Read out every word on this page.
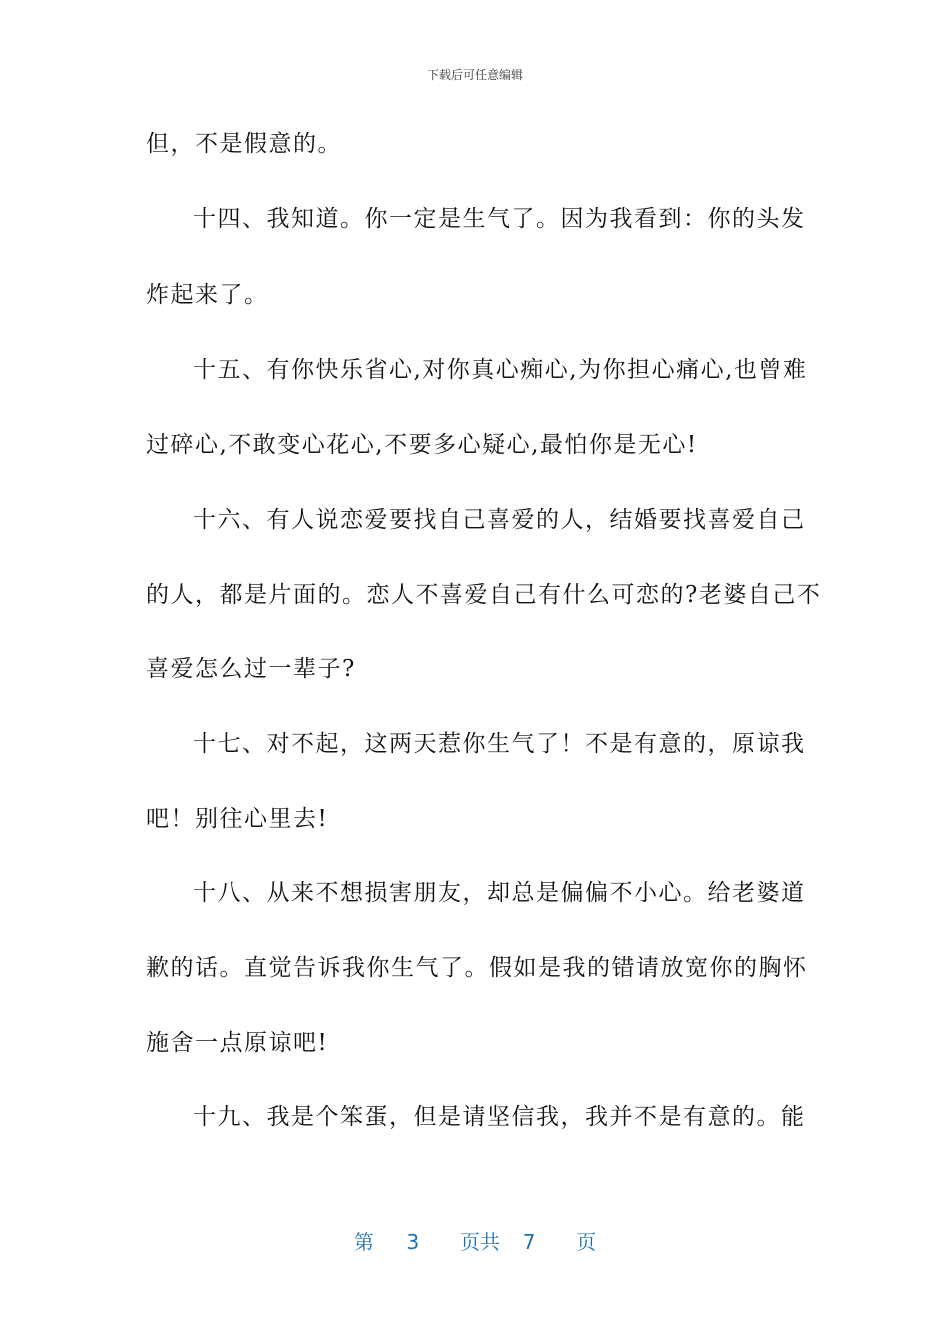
下载后可任意编辑
但，不是假意的。
十四、我知道。你一定是生气了。因为我看到：你的头发
炸起来了。
十五、有你快乐省心,对你真心痴心,为你担心痛心,也曾难
过碎心,不敢变心花心,不要多心疑心,最怕你是无心!
十六、有人说恋爱要找自己喜爱的人，结婚要找喜爱自己
的人，都是片面的。恋人不喜爱自己有什么可恋的?老婆自己不
喜爱怎么过一辈子?
十七、对不起，这两天惹你生气了！不是有意的，原谅我
吧！别往心里去!
十八、从来不想损害朋友，却总是偏偏不小心。给老婆道
歉的话。直觉告诉我你生气了。假如是我的错请放宽你的胸怀
施舍一点原谅吧!
十九、我是个笨蛋，但是请坚信我，我并不是有意的。能
第 3 页共 7 页
